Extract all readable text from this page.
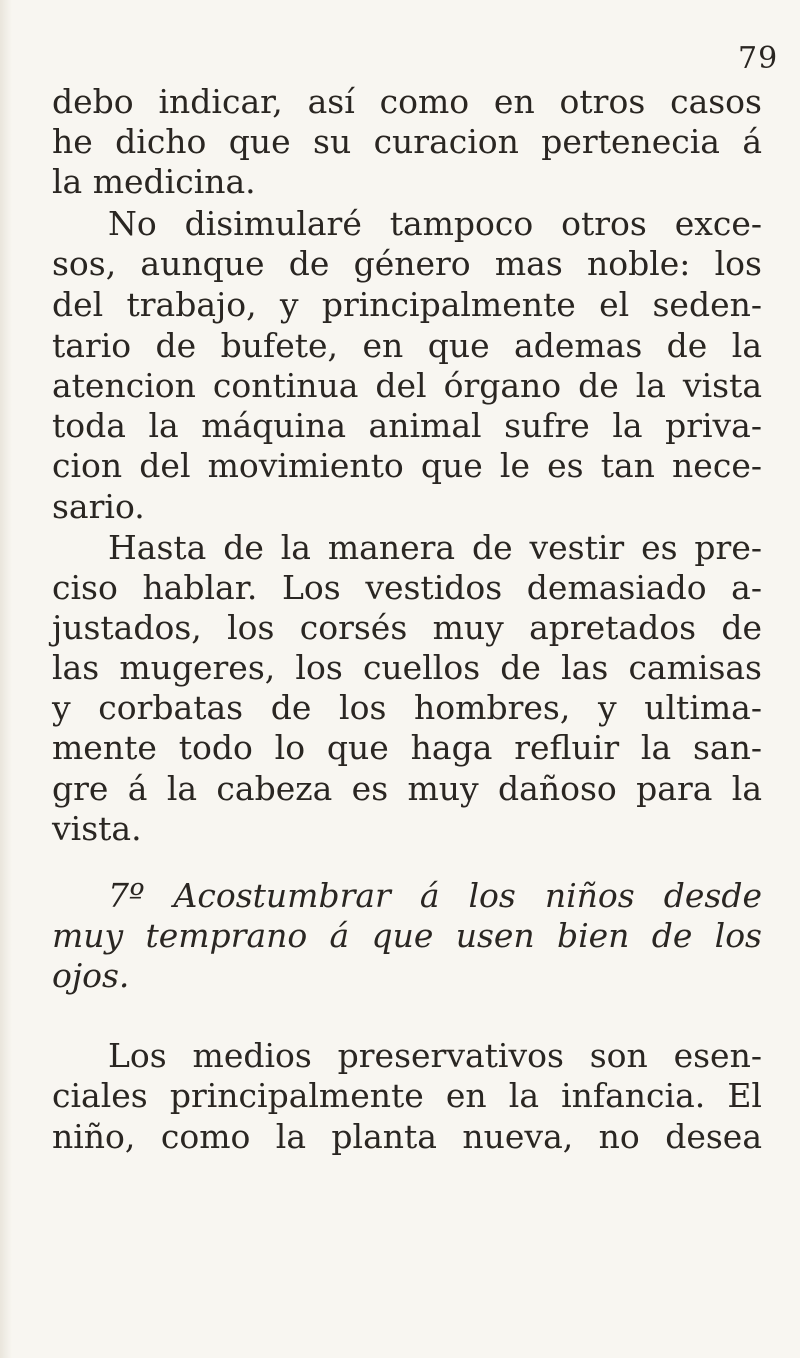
79
debo indicar, así como en otros casos
he dicho que su curacion pertenecia á
la medicina.
No disimularé tampoco otros exce-
sos, aunque de género mas noble: los
del trabajo, y principalmente el seden-
tario de bufete, en que ademas de la
atencion continua del órgano de la vista
toda la máquina animal sufre la priva-
cion del movimiento que le es tan nece-
sario.
Hasta de la manera de vestir es pre-
ciso hablar. Los vestidos demasiado a-
justados, los corsés muy apretados de
las mugeres, los cuellos de las camisas
y corbatas de los hombres, y ultima-
mente todo lo que haga refluir la san-
gre á la cabeza es muy dañoso para la
vista.
7º Acostumbrar á los niños desde
muy temprano á que usen bien de los
ojos.
Los medios preservativos son esen-
ciales principalmente en la infancia. El
niño, como la planta nueva, no desea
